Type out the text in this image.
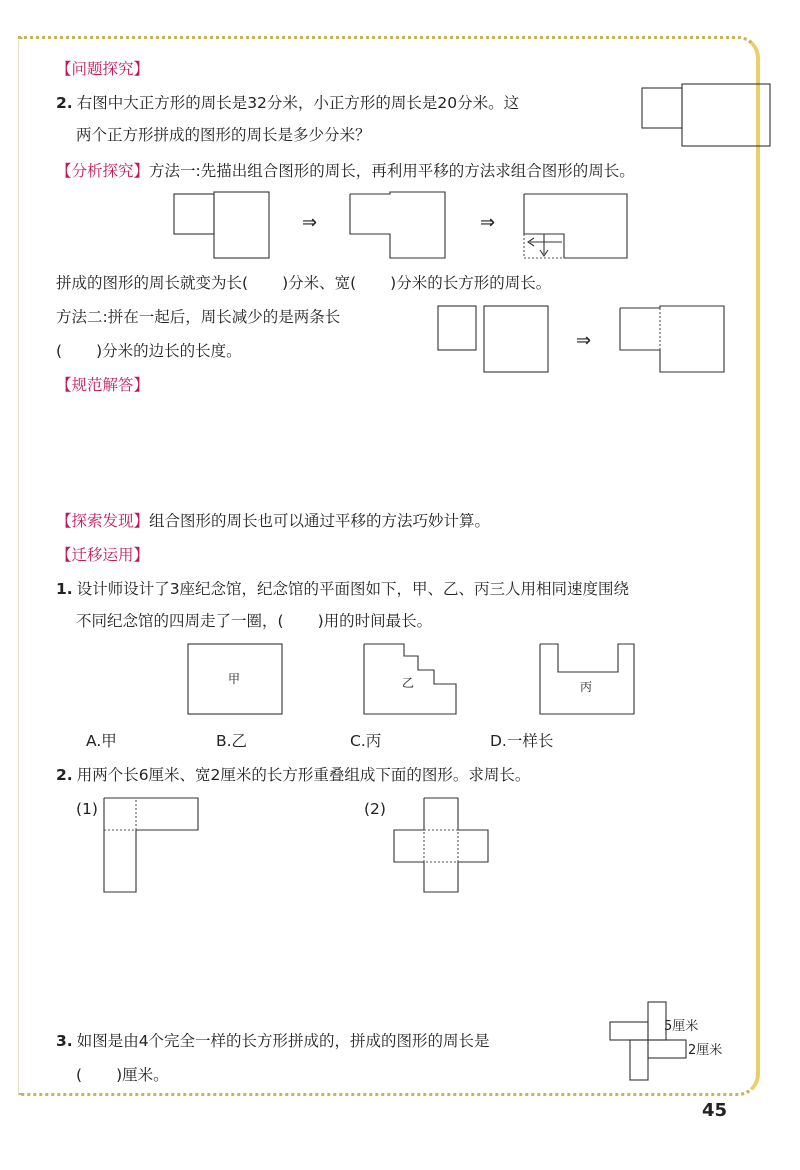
【问题探究】
2. 右图中大正方形的周长是32分米，小正方形的周长是20分米。这
两个正方形拼成的图形的周长是多少分米？
【分析探究】方法一:先描出组合图形的周长，再利用平移的方法求组合图形的周长。
⇒	⇒
拼成的图形的周长就变为长( )分米、宽( )分米的长方形的周长。
方法二:拼在一起后，周长减少的是两条长
( )分米的边长的长度。	⇒
【规范解答】
【探索发现】组合图形的周长也可以通过平移的方法巧妙计算。
【迁移运用】
1. 设计师设计了3座纪念馆，纪念馆的平面图如下，甲、乙、丙三人用相同速度围绕
不同纪念馆的四周走了一圈，( )用的时间最长。
甲	乙	丙
A.甲	B.乙	C.丙	D.一样长
2. 用两个长6厘米、宽2厘米的长方形重叠组成下面的图形。求周长。
(1)	(2)
3. 如图是由4个完全一样的长方形拼成的，拼成的图形的周长是
( )厘米。
5厘米
2厘米
45
